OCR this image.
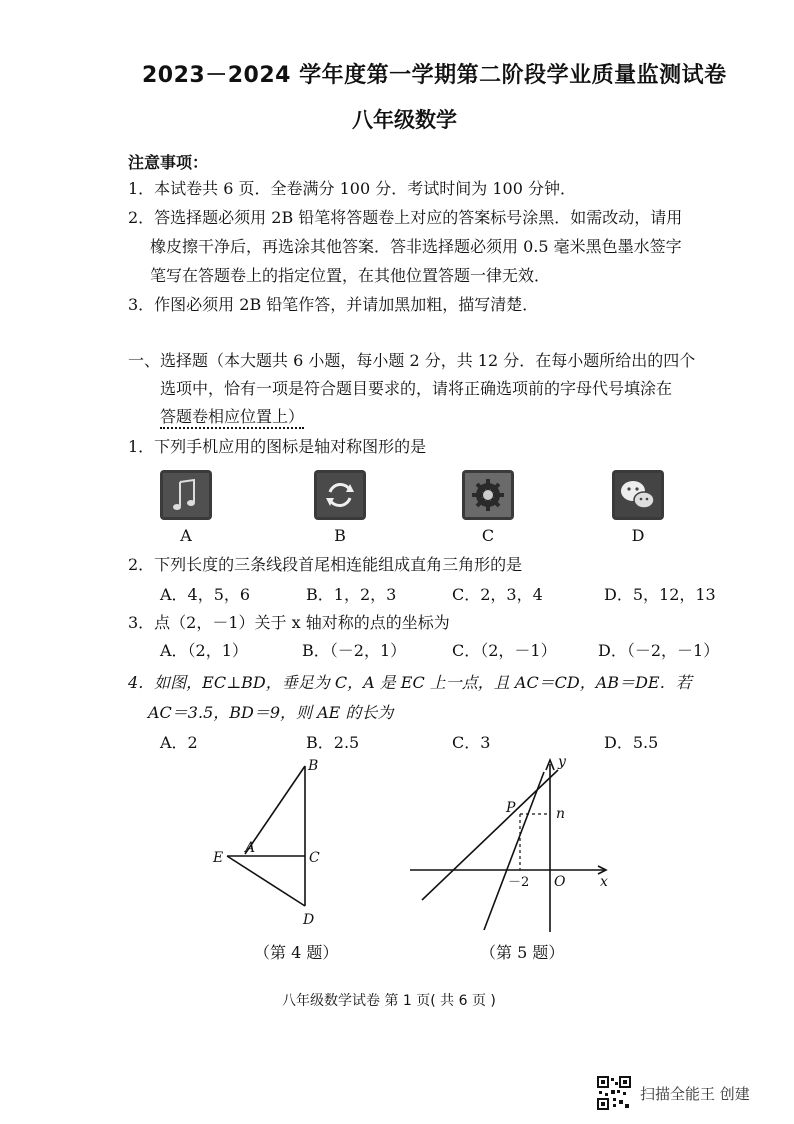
2023－2024 学年度第一学期第二阶段学业质量监测试卷
八年级数学
注意事项：
1．本试卷共 6 页．全卷满分 100 分．考试时间为 100 分钟．
2．答选择题必须用 2B 铅笔将答题卷上对应的答案标号涂黑．如需改动，请用
橡皮擦干净后，再选涂其他答案．答非选择题必须用 0.5 毫米黑色墨水签字
笔写在答题卷上的指定位置，在其他位置答题一律无效．
3．作图必须用 2B 铅笔作答，并请加黑加粗，描写清楚．
一、选择题（本大题共 6 小题，每小题 2 分，共 12 分．在每小题所给出的四个
选项中，恰有一项是符合题目要求的，请将正确选项前的字母代号填涂在
答题卷相应位置上）
1．下列手机应用的图标是轴对称图形的是
A	B	C	D
2．下列长度的三条线段首尾相连能组成直角三角形的是
A．4，5，6	B．1，2，3	C．2，3，4	D．5，12，13
3．点（2，－1）关于 x 轴对称的点的坐标为
A．（2，1）	B．（－2，1）	C．（2，－1）	D．（－2，－1）
4．如图，EC⊥BD，垂足为 C，A 是 EC 上一点，且 AC＝CD，AB＝DE．若
AC＝3.5，BD＝9，则 AE 的长为
A．2	B．2.5	C．3	D．5.5
B
A
E	C
D
（第 4 题）
y
P	n
x
O
－2
（第 5 题）
八年级数学试卷 第 1 页( 共 6 页 )
扫描全能王 创建
